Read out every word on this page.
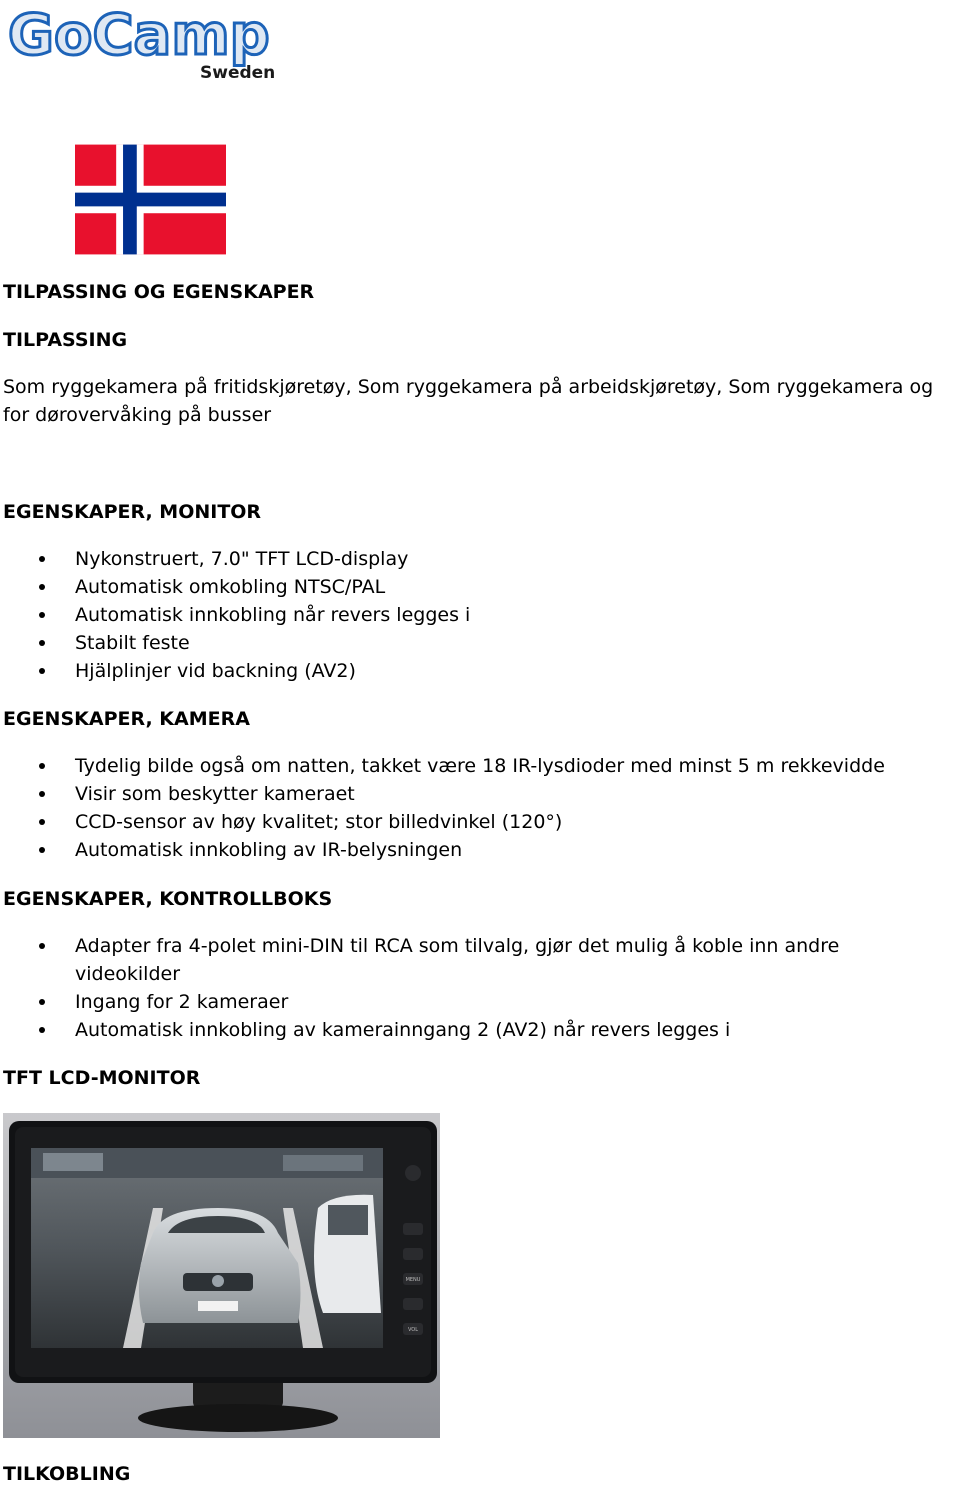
GoCamp
Sweden
TILPASSING OG EGENSKAPER
TILPASSING
Som ryggekamera på fritidskjøretøy, Som ryggekamera på arbeidskjøretøy, Som ryggekamera og for dørovervåking på busser
EGENSKAPER, MONITOR
Nykonstruert, 7.0" TFT LCD-display
Automatisk omkobling NTSC/PAL
Automatisk innkobling når revers legges i
Stabilt feste
Hjälplinjer vid backning (AV2)
EGENSKAPER, KAMERA
Tydelig bilde også om natten, takket være 18 IR-lysdioder med minst 5 m rekkevidde
Visir som beskytter kameraet
CCD-sensor av høy kvalitet; stor billedvinkel (120°)
Automatisk innkobling av IR-belysningen
EGENSKAPER, KONTROLLBOKS
Adapter fra 4-polet mini-DIN til RCA som tilvalg, gjør det mulig å koble inn andre videokilder
Ingang for 2 kameraer
Automatisk innkobling av kamerainngang 2 (AV2) når revers legges i
TFT LCD-MONITOR
MENU
VOL
TILKOBLING
